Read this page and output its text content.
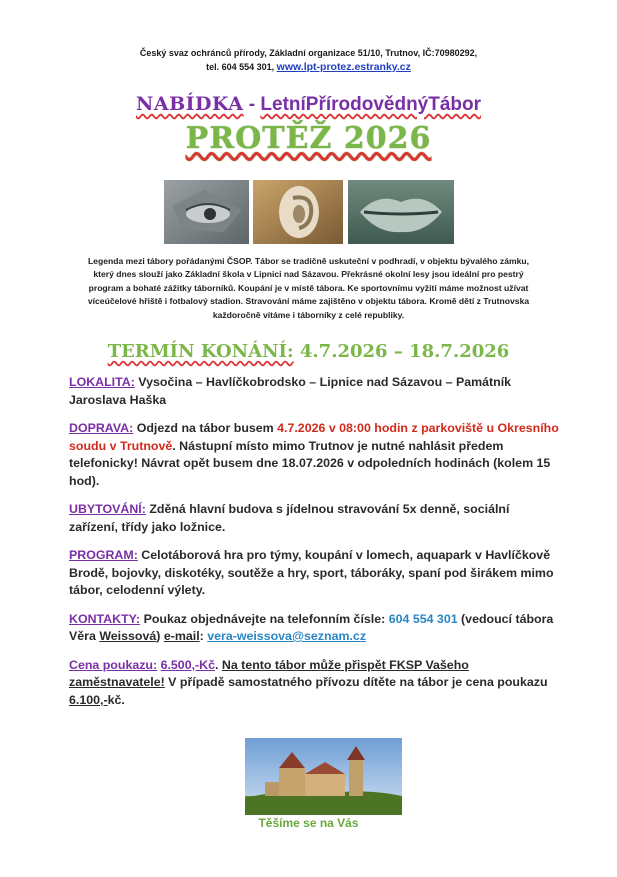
Český svaz ochránců přírody, Základní organizace 51/10, Trutnov, IČ:70980292,
tel. 604 554 301, www.lpt-protez.estranky.cz
NABÍDKA - LetníPřírodovědnýTábor
PROTĚŽ 2026
Legenda mezi tábory pořádanými ČSOP. Tábor se tradičně uskuteční v podhradí, v objektu bývalého zámku,
který dnes slouží jako Základní škola v Lipnici nad Sázavou. Překrásné okolní lesy jsou ideální pro pestrý
program a bohaté zážitky táborníků. Koupání je v místě tábora. Ke sportovnímu vyžití máme možnost užívat
víceúčelové hřiště i fotbalový stadion. Stravování máme zajištěno v objektu tábora. Kromě dětí z Trutnovska
každoročně vítáme i táborníky z celé republiky.
TERMÍN KONÁNÍ: 4.7.2026 – 18.7.2026
LOKALITA: Vysočina – Havlíčkobrodsko – Lipnice nad Sázavou – Památník Jaroslava Haška
DOPRAVA: Odjezd na tábor busem 4.7.2026 v 08:00 hodin z parkoviště u Okresního soudu v Trutnově. Nástupní místo mimo Trutnov je nutné nahlásit předem telefonicky! Návrat opět busem dne 18.07.2026 v odpoledních hodinách (kolem 15 hod).
UBYTOVÁNÍ: Zděná hlavní budova s jídelnou stravování 5x denně, sociální zařízení, třídy jako ložnice.
PROGRAM: Celotáborová hra pro týmy, koupání v lomech, aquapark v Havlíčkově Brodě, bojovky, diskotéky, soutěže a hry, sport, táboráky, spaní pod širákem mimo tábor, celodenní výlety.
KONTAKTY: Poukaz objednávejte na telefonním čísle: 604 554 301 (vedoucí tábora Věra Weissová) e-mail: vera-weissova@seznam.cz
Cena poukazu: 6.500,-Kč. Na tento tábor může přispět FKSP Vašeho zaměstnavatele! V případě samostatného přívozu dítěte na tábor je cena poukazu 6.100,-kč.
Těšíme se na Vás
